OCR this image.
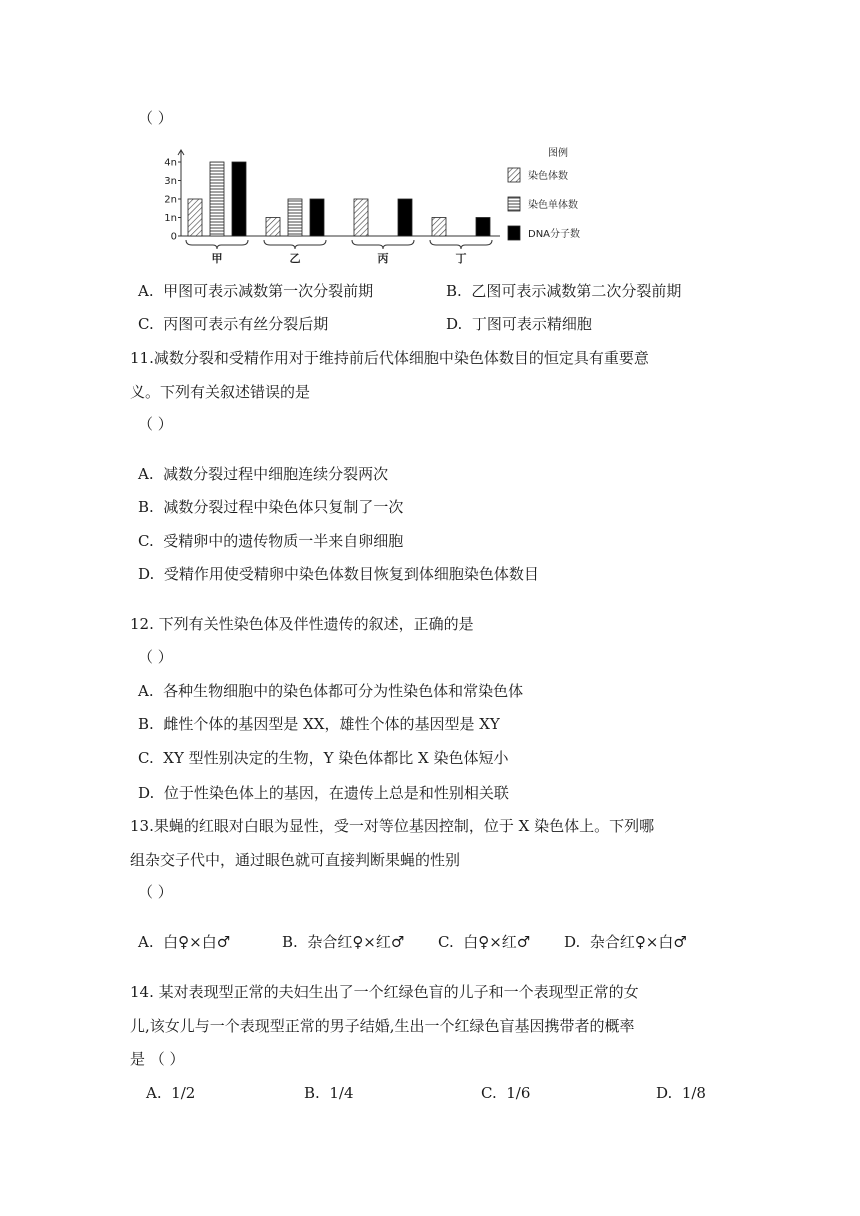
（ ）
4n
3n
2n
1n
0
甲	乙	丙	丁
图例
染色体数
染色单体数
DNA分子数
A. 甲图可表示减数第一次分裂前期	B. 乙图可表示减数第二次分裂前期
C. 丙图可表示有丝分裂后期	D. 丁图可表示精细胞
11.减数分裂和受精作用对于维持前后代体细胞中染色体数目的恒定具有重要意
义。下列有关叙述错误的是
（ ）
A. 减数分裂过程中细胞连续分裂两次
B. 减数分裂过程中染色体只复制了一次
C. 受精卵中的遗传物质一半来自卵细胞
D. 受精作用使受精卵中染色体数目恢复到体细胞染色体数目
12. 下列有关性染色体及伴性遗传的叙述，正确的是
（ ）
A. 各种生物细胞中的染色体都可分为性染色体和常染色体
B. 雌性个体的基因型是 XX，雄性个体的基因型是 XY
C. XY 型性别决定的生物，Y 染色体都比 X 染色体短小
D. 位于性染色体上的基因，在遗传上总是和性别相关联
13.果蝇的红眼对白眼为显性，受一对等位基因控制，位于 X 染色体上。下列哪
组杂交子代中，通过眼色就可直接判断果蝇的性别
（ ）
A. 白♀×白♂	B. 杂合红♀×红♂ C. 白♀×红♂ D. 杂合红♀×白♂
14. 某对表现型正常的夫妇生出了一个红绿色盲的儿子和一个表现型正常的女
儿,该女儿与一个表现型正常的男子结婚,生出一个红绿色盲基因携带者的概率
是 （ ）
A. 1/2	B. 1/4	C. 1/6	D. 1/8
